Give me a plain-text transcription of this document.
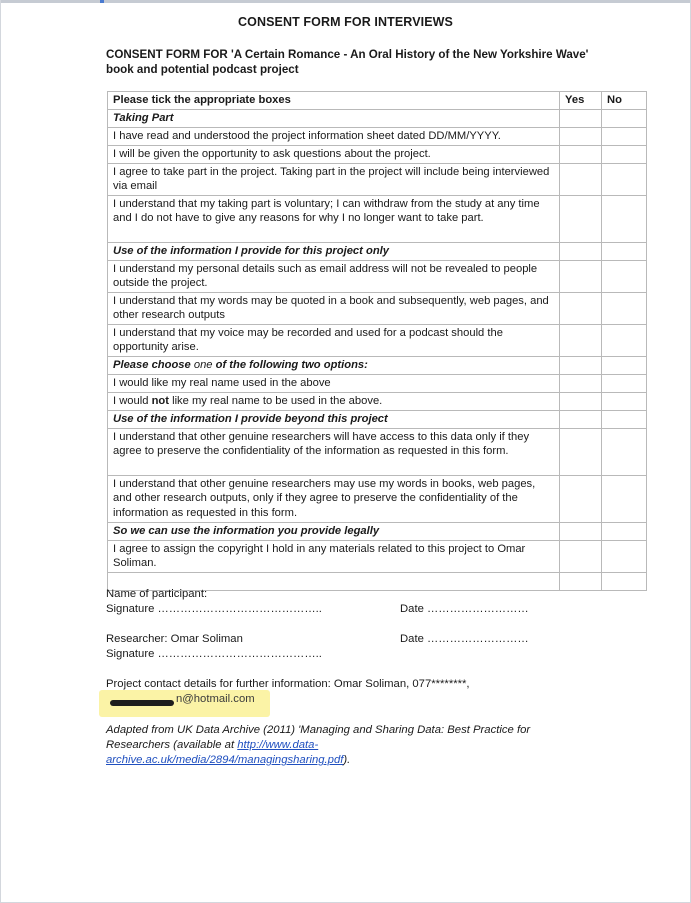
CONSENT FORM FOR INTERVIEWS
CONSENT FORM FOR 'A Certain Romance - An Oral History of the New Yorkshire Wave'
book and potential podcast project
Please tick the appropriate boxes	Yes	No
Taking Part		
I have read and understood the project information sheet dated DD/MM/YYYY.		
I will be given the opportunity to ask questions about the project.		
I agree to take part in the project. Taking part in the project will include being interviewed via email		
I understand that my taking part is voluntary; I can withdraw from the study at any time and I do not have to give any reasons for why I no longer want to take part.		
Use of the information I provide for this project only		
I understand my personal details such as email address will not be revealed to people outside the project.		
I understand that my words may be quoted in a book and subsequently, web pages, and other research outputs		
I understand that my voice may be recorded and used for a podcast should the opportunity arise.		
Please choose one of the following two options:		
I would like my real name used in the above		
I would not like my real name to be used in the above.		
Use of the information I provide beyond this project		
I understand that other genuine researchers will have access to this data only if they agree to preserve the confidentiality of the information as requested in this form.		
I understand that other genuine researchers may use my words in books, web pages, and other research outputs, only if they agree to preserve the confidentiality of the information as requested in this form.		
So we can use the information you provide legally		
I agree to assign the copyright I hold in any materials related to this project to Omar Soliman.		

Name of participant:
Signature ……………………………………..	Date ………………………
Researcher: Omar Soliman	Date ………………………
Signature ……………………………………..
Project contact details for further information: Omar Soliman, 077********,
n@hotmail.com
Adapted from UK Data Archive (2011) 'Managing and Sharing Data: Best Practice for Researchers (available at http://www.data-
archive.ac.uk/media/2894/managingsharing.pdf).
